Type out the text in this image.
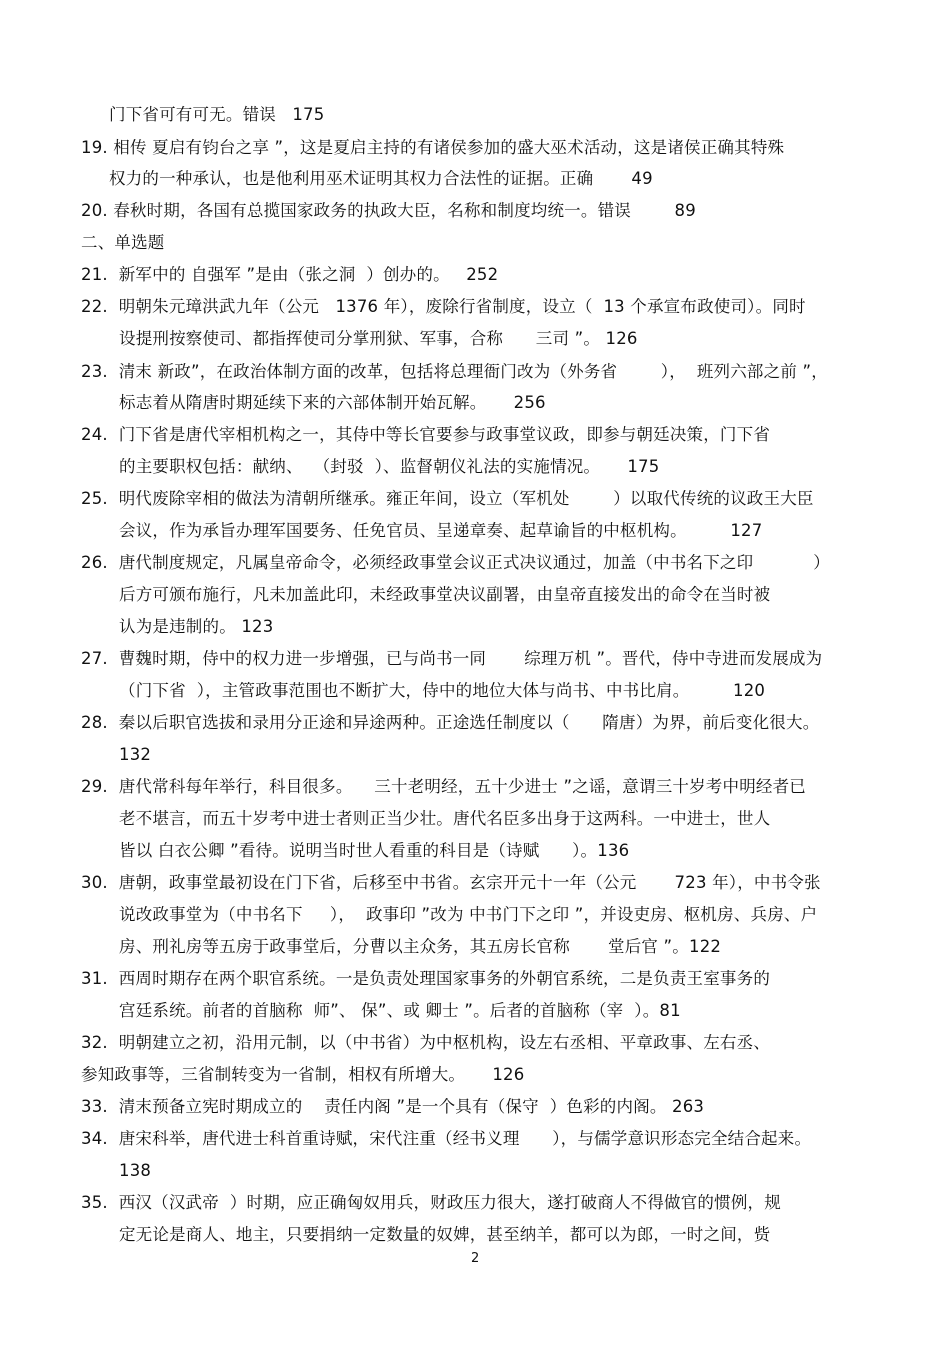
门下省可有可无。错误   175
19. 相传 夏启有钧台之享 ”，这是夏启主持的有诸侯参加的盛大巫术活动，这是诸侯正确其特殊
权力的一种承认，也是他利用巫术证明其权力合法性的证据。正确       49
20. 春秋时期，各国有总揽国家政务的执政大臣，名称和制度均统一。错误        89
二、单选题
21.  新军中的 自强军 ”是由（张之洞  ）创办的。   252
22.  明朝朱元璋洪武九年（公元   1376 年），废除行省制度，设立（  13 个承宣布政使司）。同时
设提刑按察使司、都指挥使司分掌刑狱、军事，合称      三司 ”。 126
23.  清末 新政”，在政治体制方面的改革，包括将总理衙门改为（外务省        ），  班列六部之前 ”，
标志着从隋唐时期延续下来的六部体制开始瓦解。     256
24.  门下省是唐代宰相机构之一，其侍中等长官要参与政事堂议政，即参与朝廷决策，门下省
的主要职权包括：献纳、  （封驳  ）、监督朝仪礼法的实施情况。     175
25.  明代废除宰相的做法为清朝所继承。雍正年间，设立（军机处        ）以取代传统的议政王大臣
会议，作为承旨办理军国要务、任免官员、呈递章奏、起草谕旨的中枢机构。        127
26.  唐代制度规定，凡属皇帝命令，必须经政事堂会议正式决议通过，加盖（中书名下之印           ）
后方可颁布施行，凡未加盖此印，未经政事堂决议副署，由皇帝直接发出的命令在当时被
认为是违制的。 123
27.  曹魏时期，侍中的权力进一步增强，已与尚书一同       综理万机 ”。晋代，侍中寺进而发展成为
（门下省  ），主管政事范围也不断扩大，侍中的地位大体与尚书、中书比肩。        120
28.  秦以后职官选拔和录用分正途和异途两种。正途选任制度以（      隋唐）为界，前后变化很大。
132
29.  唐代常科每年举行，科目很多。    三十老明经，五十少进士 ”之谣，意谓三十岁考中明经者已
老不堪言，而五十岁考中进士者则正当少壮。唐代名臣多出身于这两科。一中进士，世人
皆以 白衣公卿 ”看待。说明当时世人看重的科目是（诗赋      ）。136
30.  唐朝，政事堂最初设在门下省，后移至中书省。玄宗开元十一年（公元       723 年），中书令张
说改政事堂为（中书名下     ），  政事印 ”改为 中书门下之印 ”，并设吏房、枢机房、兵房、户
房、刑礼房等五房于政事堂后，分曹以主众务，其五房长官称       堂后官 ”。122
31.  西周时期存在两个职官系统。一是负责处理国家事务的外朝官系统，二是负责王室事务的
宫廷系统。前者的首脑称  师”、 保”、或 卿士 ”。后者的首脑称（宰  ）。81
32.  明朝建立之初，沿用元制，以（中书省）为中枢机构，设左右丞相、平章政事、左右丞、
参知政事等，三省制转变为一省制，相权有所增大。     126
33.  清末预备立宪时期成立的    责任内阁 ”是一个具有（保守  ）色彩的内阁。 263
34.  唐宋科举，唐代进士科首重诗赋，宋代注重（经书义理      ），与儒学意识形态完全结合起来。
138
35.  西汉（汉武帝  ）时期，应正确匈奴用兵，财政压力很大，遂打破商人不得做官的惯例，规
定无论是商人、地主，只要捐纳一定数量的奴婢，甚至纳羊，都可以为郎，一时之间，赀
2
